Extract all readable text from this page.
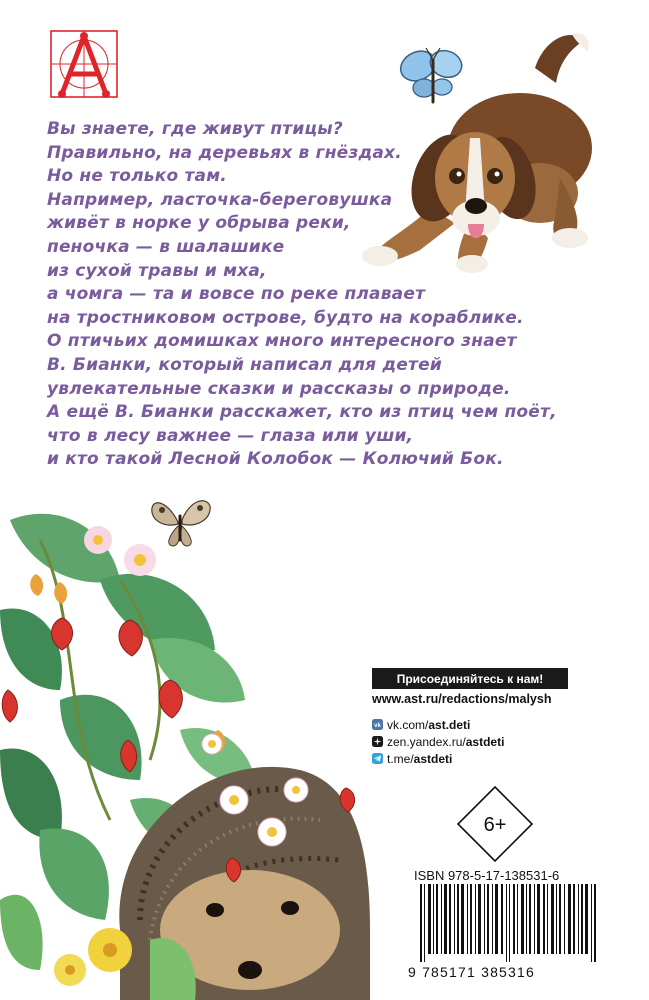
Вы знаете, где живут птицы?
Правильно, на деревьях в гнёздах.
Но не только там.
Например, ласточка-береговушка
живёт в норке у обрыва реки,
пеночка — в шалашике
из сухой травы и мха,
а чомга — та и вовсе по реке плавает
на тростниковом острове, будто на кораблике.
О птичьих домишках много интересного знает
В. Бианки, который написал для детей
увлекательные сказки и рассказы о природе.
А ещё В. Бианки расскажет, кто из птиц чем поёт,
что в лесу важнее — глаза или уши,
и кто такой Лесной Колобок — Колючий Бок.
Присоединяйтесь к нам!
www.ast.ru/redactions/malysh
vk vk.com/ ast.deti
zen.yandex.ru/ astdeti
t.me/ astdeti
6+
ISBN 978-5-17-138531-6
9 785171 385316
